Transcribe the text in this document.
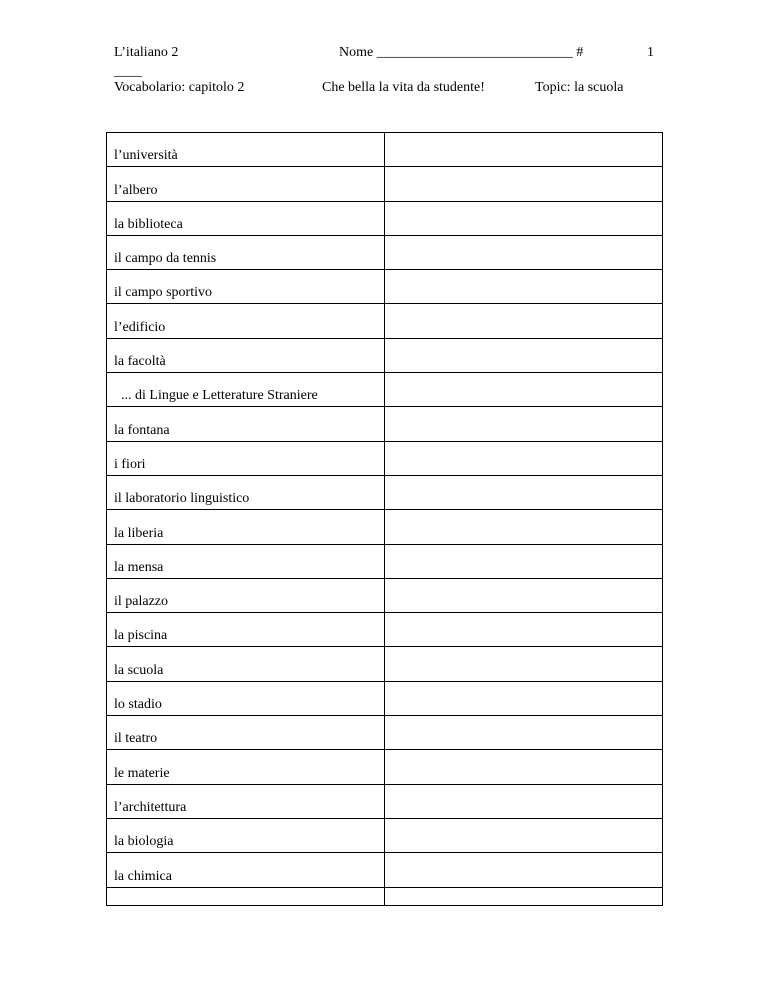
L’italiano 2	Nome ____________________________ #	1
____
Vocabolario: capitolo 2	Che bella la vita da studente!	Topic: la scuola
l’università	
l’albero	
la biblioteca	
il campo da tennis	
il campo sportivo	
l’edificio	
la facoltà	
... di Lingue e Letterature Straniere	
la fontana	
i fiori	
il laboratorio linguistico	
la liberia	
la mensa	
il palazzo	
la piscina	
la scuola	
lo stadio	
il teatro	
le materie	
l’architettura	
la biologia	
la chimica	
